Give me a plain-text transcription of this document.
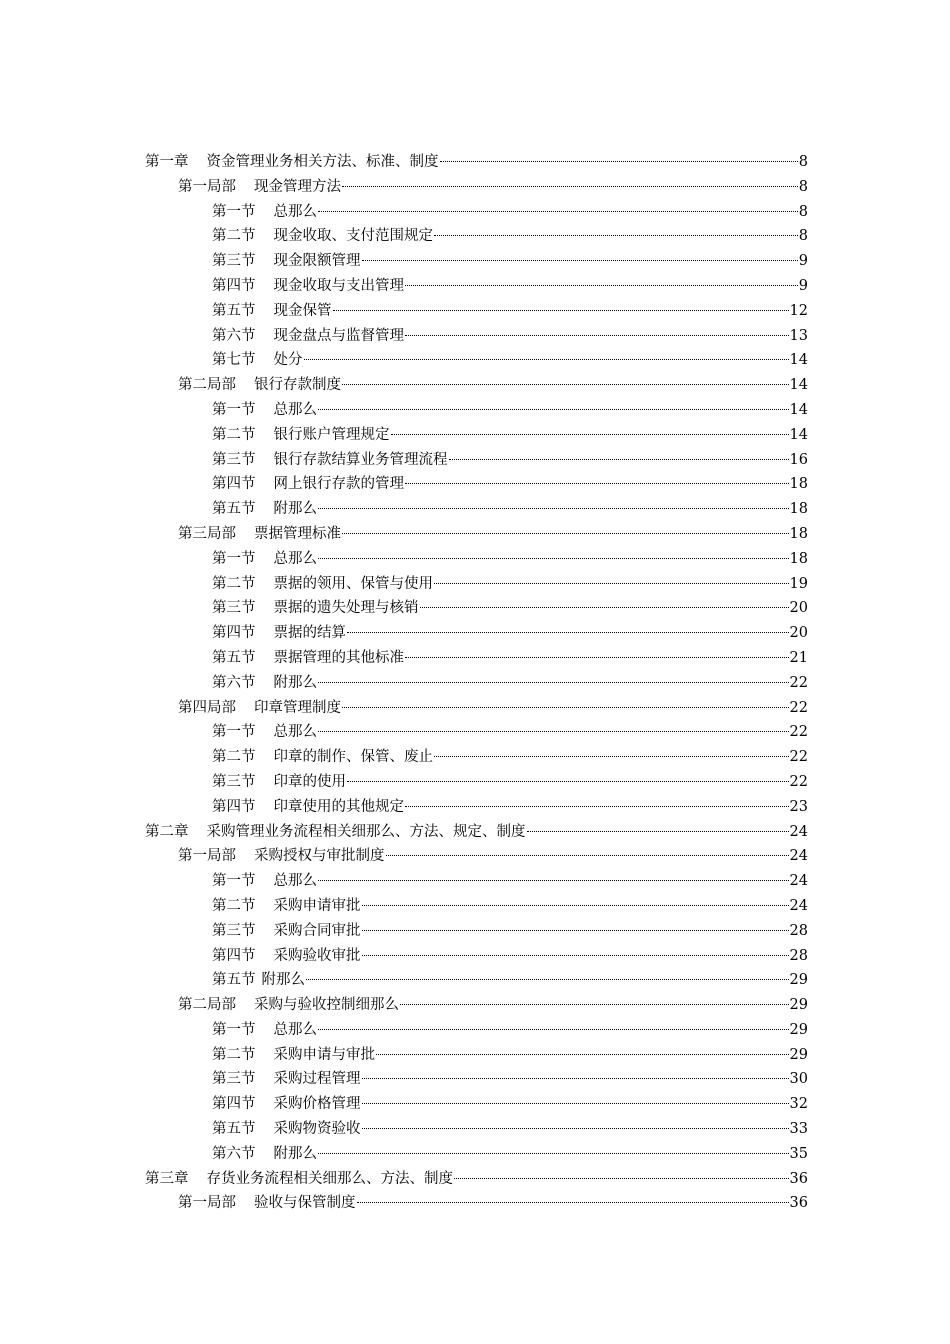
第一章 资金管理业务相关方法、标准、制度	8
第一局部 现金管理方法	8
第一节 总那么	8
第二节 现金收取、支付范围规定	8
第三节 现金限额管理	9
第四节 现金收取与支出管理	9
第五节 现金保管	12
第六节 现金盘点与监督管理	13
第七节 处分	14
第二局部 银行存款制度	14
第一节 总那么	14
第二节 银行账户管理规定	14
第三节 银行存款结算业务管理流程	16
第四节 网上银行存款的管理	18
第五节 附那么	18
第三局部 票据管理标准	18
第一节 总那么	18
第二节 票据的领用、保管与使用	19
第三节 票据的遗失处理与核销	20
第四节 票据的结算	20
第五节 票据管理的其他标准	21
第六节 附那么	22
第四局部 印章管理制度	22
第一节 总那么	22
第二节 印章的制作、保管、废止	22
第三节 印章的使用	22
第四节 印章使用的其他规定	23
第二章 采购管理业务流程相关细那么、方法、规定、制度	24
第一局部 采购授权与审批制度	24
第一节 总那么	24
第二节 采购申请审批	24
第三节 采购合同审批	28
第四节 采购验收审批	28
第五节 附那么	29
第二局部 采购与验收控制细那么	29
第一节 总那么	29
第二节 采购申请与审批	29
第三节 采购过程管理	30
第四节 采购价格管理	32
第五节 采购物资验收	33
第六节 附那么	35
第三章 存货业务流程相关细那么、方法、制度	36
第一局部 验收与保管制度	36
